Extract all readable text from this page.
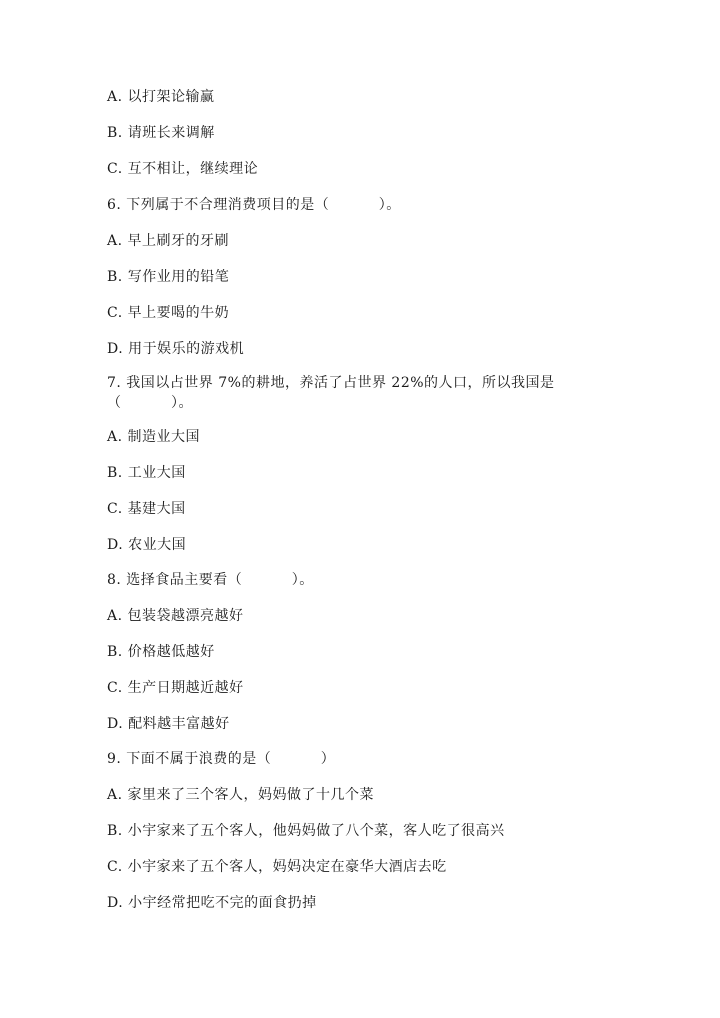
A. 以打架论输赢
B. 请班长来调解
C. 互不相让，继续理论
6. 下列属于不合理消费项目的是（          ）。
A. 早上刷牙的牙刷
B. 写作业用的铅笔
C. 早上要喝的牛奶
D. 用于娱乐的游戏机
7. 我国以占世界 7%的耕地，养活了占世界 22%的人口，所以我国是
（          ）。
A. 制造业大国
B. 工业大国
C. 基建大国
D. 农业大国
8. 选择食品主要看（          ）。
A. 包装袋越漂亮越好
B. 价格越低越好
C. 生产日期越近越好
D. 配料越丰富越好
9. 下面不属于浪费的是（          ）
A. 家里来了三个客人，妈妈做了十几个菜
B. 小宇家来了五个客人，他妈妈做了八个菜，客人吃了很高兴
C. 小宇家来了五个客人，妈妈决定在豪华大酒店去吃
D. 小宇经常把吃不完的面食扔掉
